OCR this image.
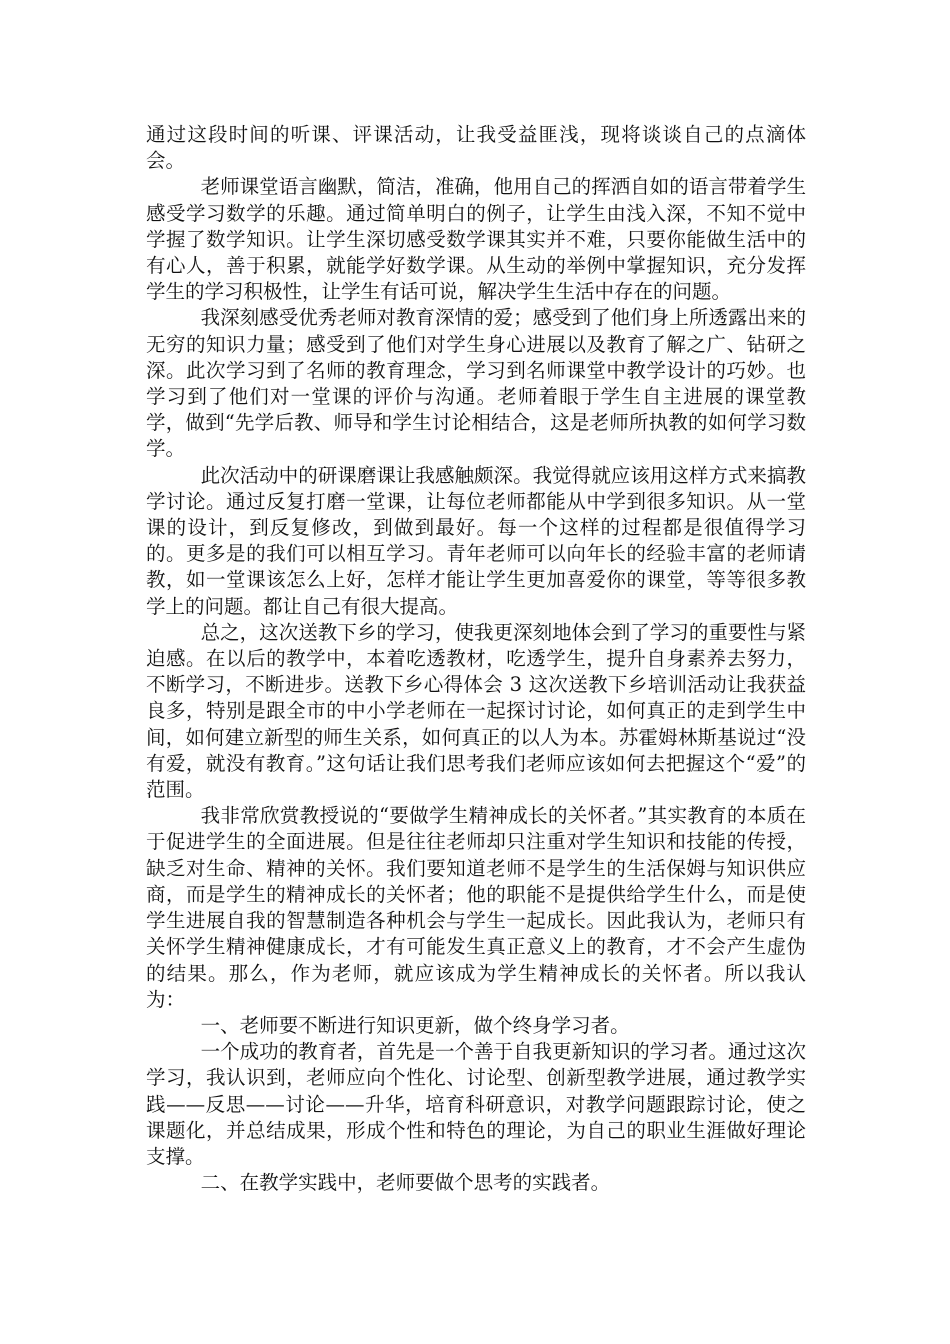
通过这段时间的听课、评课活动，让我受益匪浅，现将谈谈自己的点滴体会。

老师课堂语言幽默，简洁，准确，他用自己的挥洒自如的语言带着学生感受学习数学的乐趣。通过简单明白的例子，让学生由浅入深，不知不觉中学握了数学知识。让学生深切感受数学课其实并不难，只要你能做生活中的有心人，善于积累，就能学好数学课。从生动的举例中掌握知识，充分发挥学生的学习积极性，让学生有话可说，解决学生生活中存在的问题。

我深刻感受优秀老师对教育深情的爱；感受到了他们身上所透露出来的无穷的知识力量；感受到了他们对学生身心进展以及教育了解之广、钻研之深。此次学习到了名师的教育理念，学习到名师课堂中教学设计的巧妙。也学习到了他们对一堂课的评价与沟通。老师着眼于学生自主进展的课堂教学，做到“先学后教、师导和学生讨论相结合，这是老师所执教的如何学习数学。

此次活动中的研课磨课让我感触颇深。我觉得就应该用这样方式来搞教学讨论。通过反复打磨一堂课，让每位老师都能从中学到很多知识。从一堂课的设计，到反复修改，到做到最好。每一个这样的过程都是很值得学习的。更多是的我们可以相互学习。青年老师可以向年长的经验丰富的老师请教，如一堂课该怎么上好，怎样才能让学生更加喜爱你的课堂，等等很多教学上的问题。都让自己有很大提高。

总之，这次送教下乡的学习，使我更深刻地体会到了学习的重要性与紧迫感。在以后的教学中，本着吃透教材，吃透学生，提升自身素养去努力，不断学习，不断进步。送教下乡心得体会 3 这次送教下乡培训活动让我获益良多，特别是跟全市的中小学老师在一起探讨讨论，如何真正的走到学生中间，如何建立新型的师生关系，如何真正的以人为本。苏霍姆林斯基说过“没有爱，就没有教育。”这句话让我们思考我们老师应该如何去把握这个“爱”的范围。

我非常欣赏教授说的“要做学生精神成长的关怀者。”其实教育的本质在于促进学生的全面进展。但是往往老师却只注重对学生知识和技能的传授，缺乏对生命、精神的关怀。我们要知道老师不是学生的生活保姆与知识供应商，而是学生的精神成长的关怀者；他的职能不是提供给学生什么，而是使学生进展自我的智慧制造各种机会与学生一起成长。因此我认为，老师只有关怀学生精神健康成长，才有可能发生真正意义上的教育，才不会产生虚伪的结果。那么，作为老师，就应该成为学生精神成长的关怀者。所以我认为：

一、老师要不断进行知识更新，做个终身学习者。

一个成功的教育者，首先是一个善于自我更新知识的学习者。通过这次学习，我认识到，老师应向个性化、讨论型、创新型教学进展，通过教学实践——反思——讨论——升华，培育科研意识，对教学问题跟踪讨论，使之课题化，并总结成果，形成个性和特色的理论，为自己的职业生涯做好理论支撑。

二、在教学实践中，老师要做个思考的实践者。
